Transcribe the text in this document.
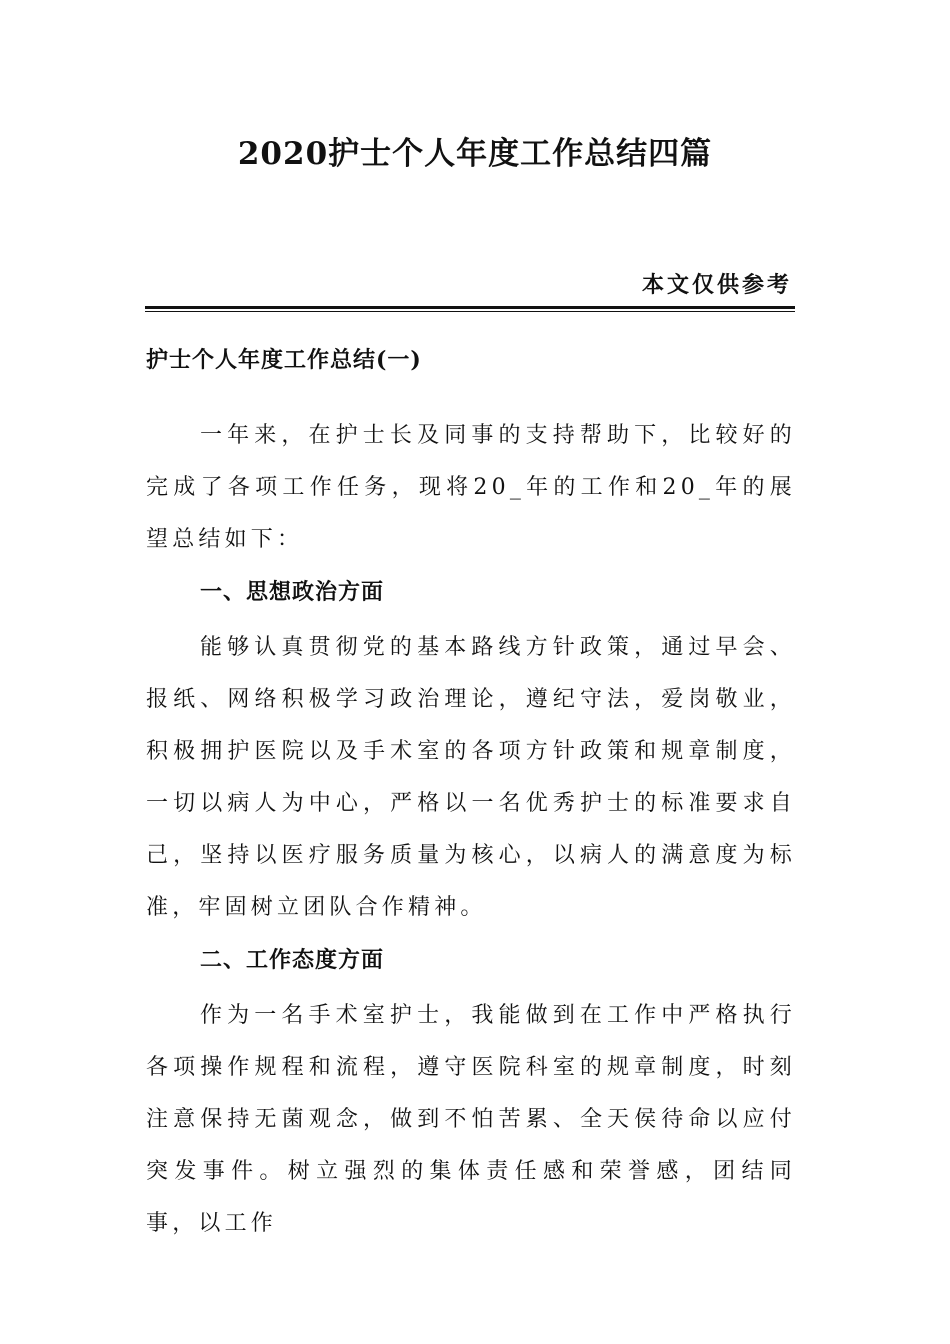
2020护士个人年度工作总结四篇

本文仅供参考

护士个人年度工作总结(一)

一年来，在护士长及同事的支持帮助下，比较好的完成了各项工作任务，现将20_年的工作和20_年的展望总结如下：

一、思想政治方面

能够认真贯彻党的基本路线方针政策，通过早会、报纸、网络积极学习政治理论，遵纪守法，爱岗敬业，积极拥护医院以及手术室的各项方针政策和规章制度，一切以病人为中心，严格以一名优秀护士的标准要求自己，坚持以医疗服务质量为核心，以病人的满意度为标准，牢固树立团队合作精神。

二、工作态度方面

作为一名手术室护士，我能做到在工作中严格执行各项操作规程和流程，遵守医院科室的规章制度，时刻注意保持无菌观念，做到不怕苦累、全天侯待命以应付突发事件。树立强烈的集体责任感和荣誉感，团结同事，以工作
